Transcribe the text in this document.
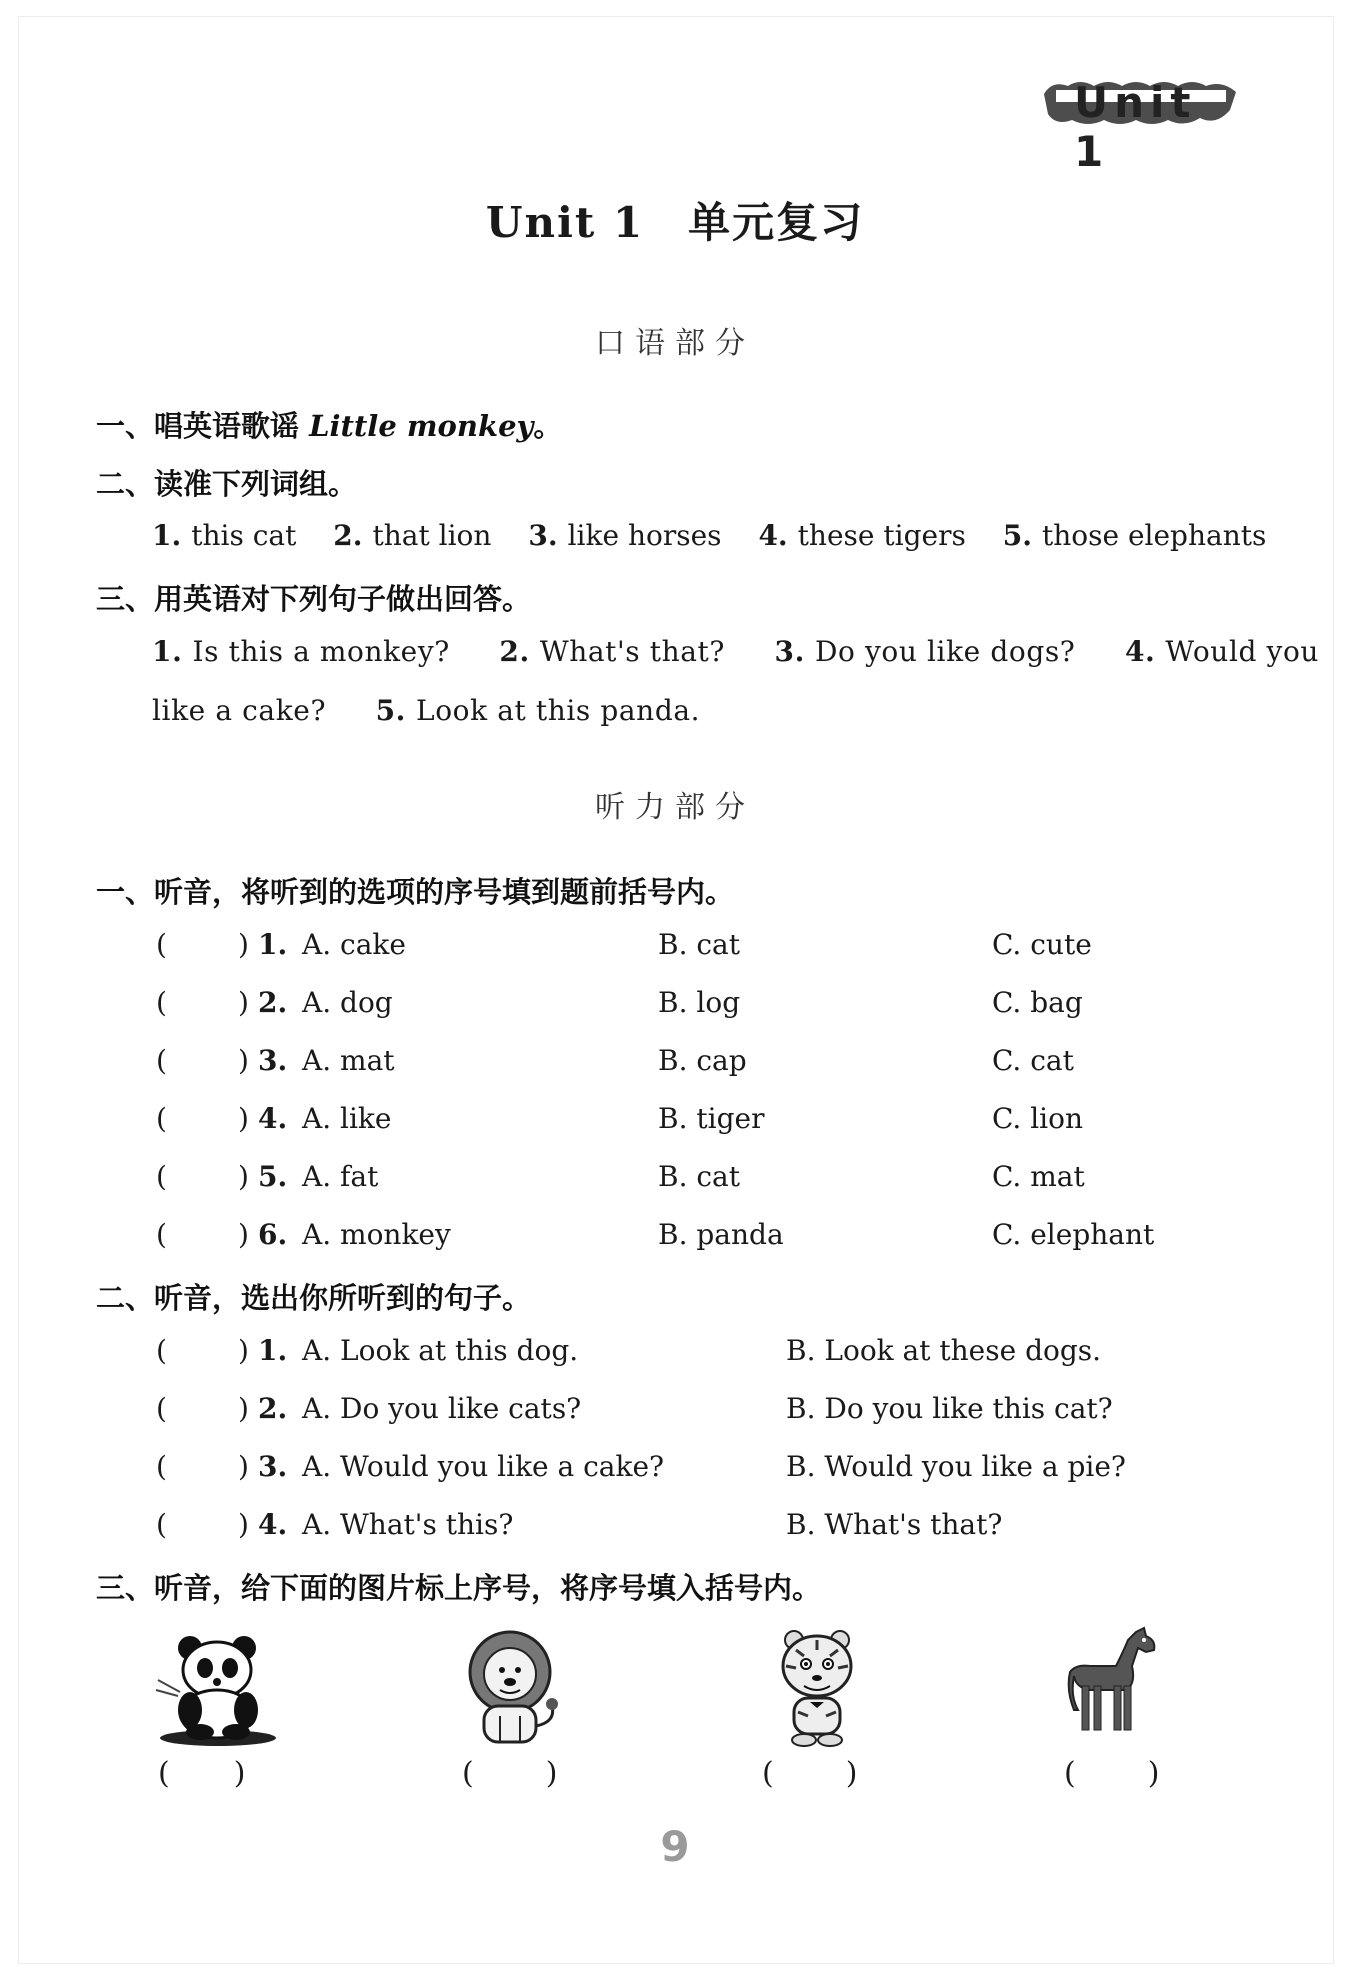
Unit 1
Unit 1　单元复习
口语部分
一、唱英语歌谣 Little monkey。
二、读准下列词组。
1. this cat 2. that lion 3. like horses 4. these tigers 5. those elephants
三、用英语对下列句子做出回答。
1. Is this a monkey? 2. What's that? 3. Do you like dogs? 4. Would you
like a cake? 5. Look at this panda.
听力部分
一、听音，将听到的选项的序号填到题前括号内。
(	) 1. A. cake	B. cat	C. cute
(	) 2. A. dog	B. log	C. bag
(	) 3. A. mat	B. cap	C. cat
(	) 4. A. like	B. tiger	C. lion
(	) 5. A. fat	B. cat	C. mat
(	) 6. A. monkey	B. panda	C. elephant
二、听音，选出你所听到的句子。
(	) 1. A. Look at this dog.	B. Look at these dogs.
(	) 2. A. Do you like cats?	B. Do you like this cat?
(	) 3. A. Would you like a cake?	B. Would you like a pie?
(	) 4. A. What's this?	B. What's that?
三、听音，给下面的图片标上序号，将序号填入括号内。
( )	( )	( )	( )
9
